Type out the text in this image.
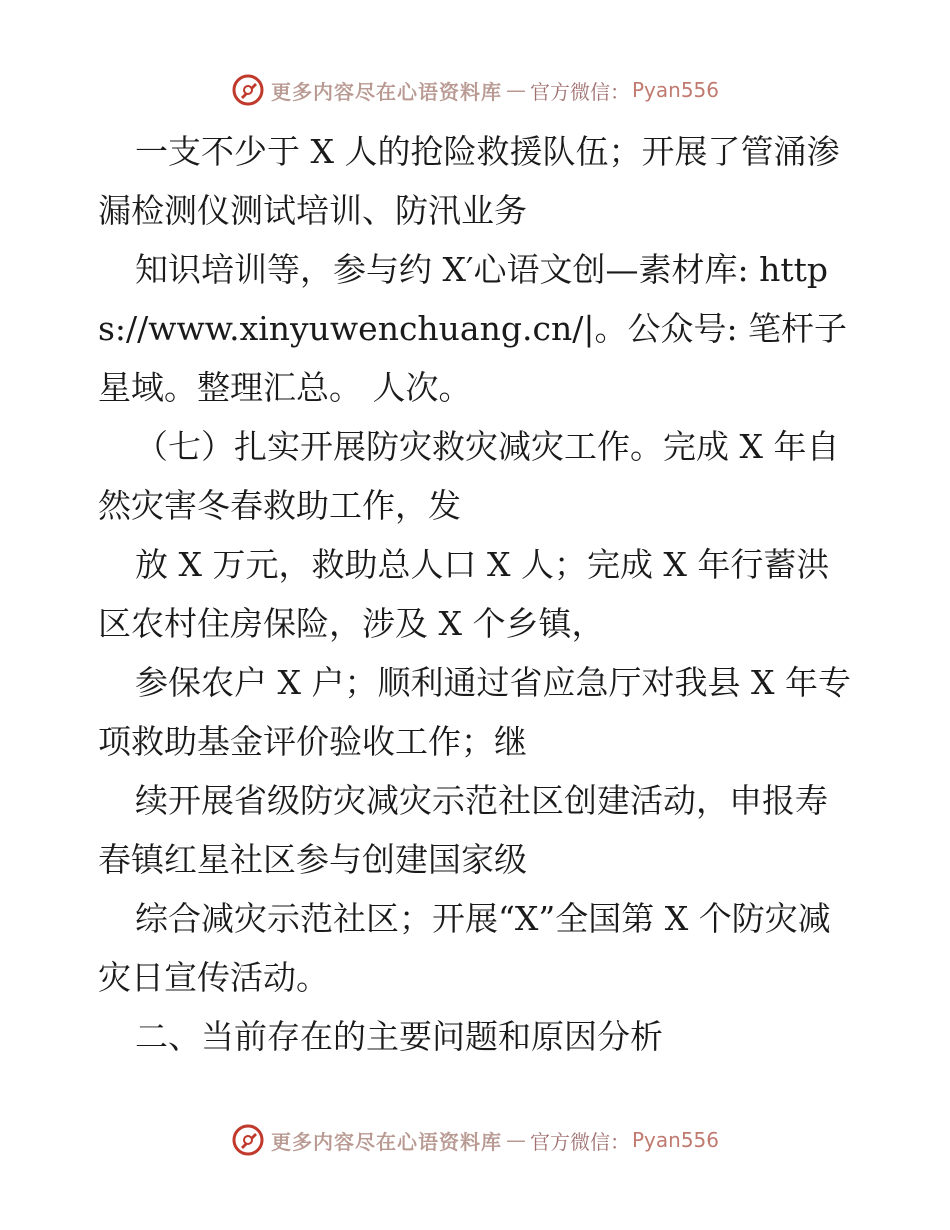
更多内容尽在心语资料库 — 官方微信： Pyan556

一支不少于 X 人的抢险救援队伍；开展了管涌渗漏检测仪测试培训、防汛业务

知识培训等，参与约 X′心语文创—素材库: https://www.xinyuwenchuang.cn/|。公众号: 笔杆子星域。整理汇总。 人次。

（七）扎实开展防灾救灾减灾工作。完成 X 年自然灾害冬春救助工作，发

放 X 万元，救助总人口 X 人；完成 X 年行蓄洪区农村住房保险，涉及 X 个乡镇，

参保农户 X 户；顺利通过省应急厅对我县 X 年专项救助基金评价验收工作；继

续开展省级防灾减灾示范社区创建活动，申报寿春镇红星社区参与创建国家级

综合减灾示范社区；开展“X”全国第 X 个防灾减灾日宣传活动。

二、当前存在的主要问题和原因分析

更多内容尽在心语资料库 — 官方微信： Pyan556
